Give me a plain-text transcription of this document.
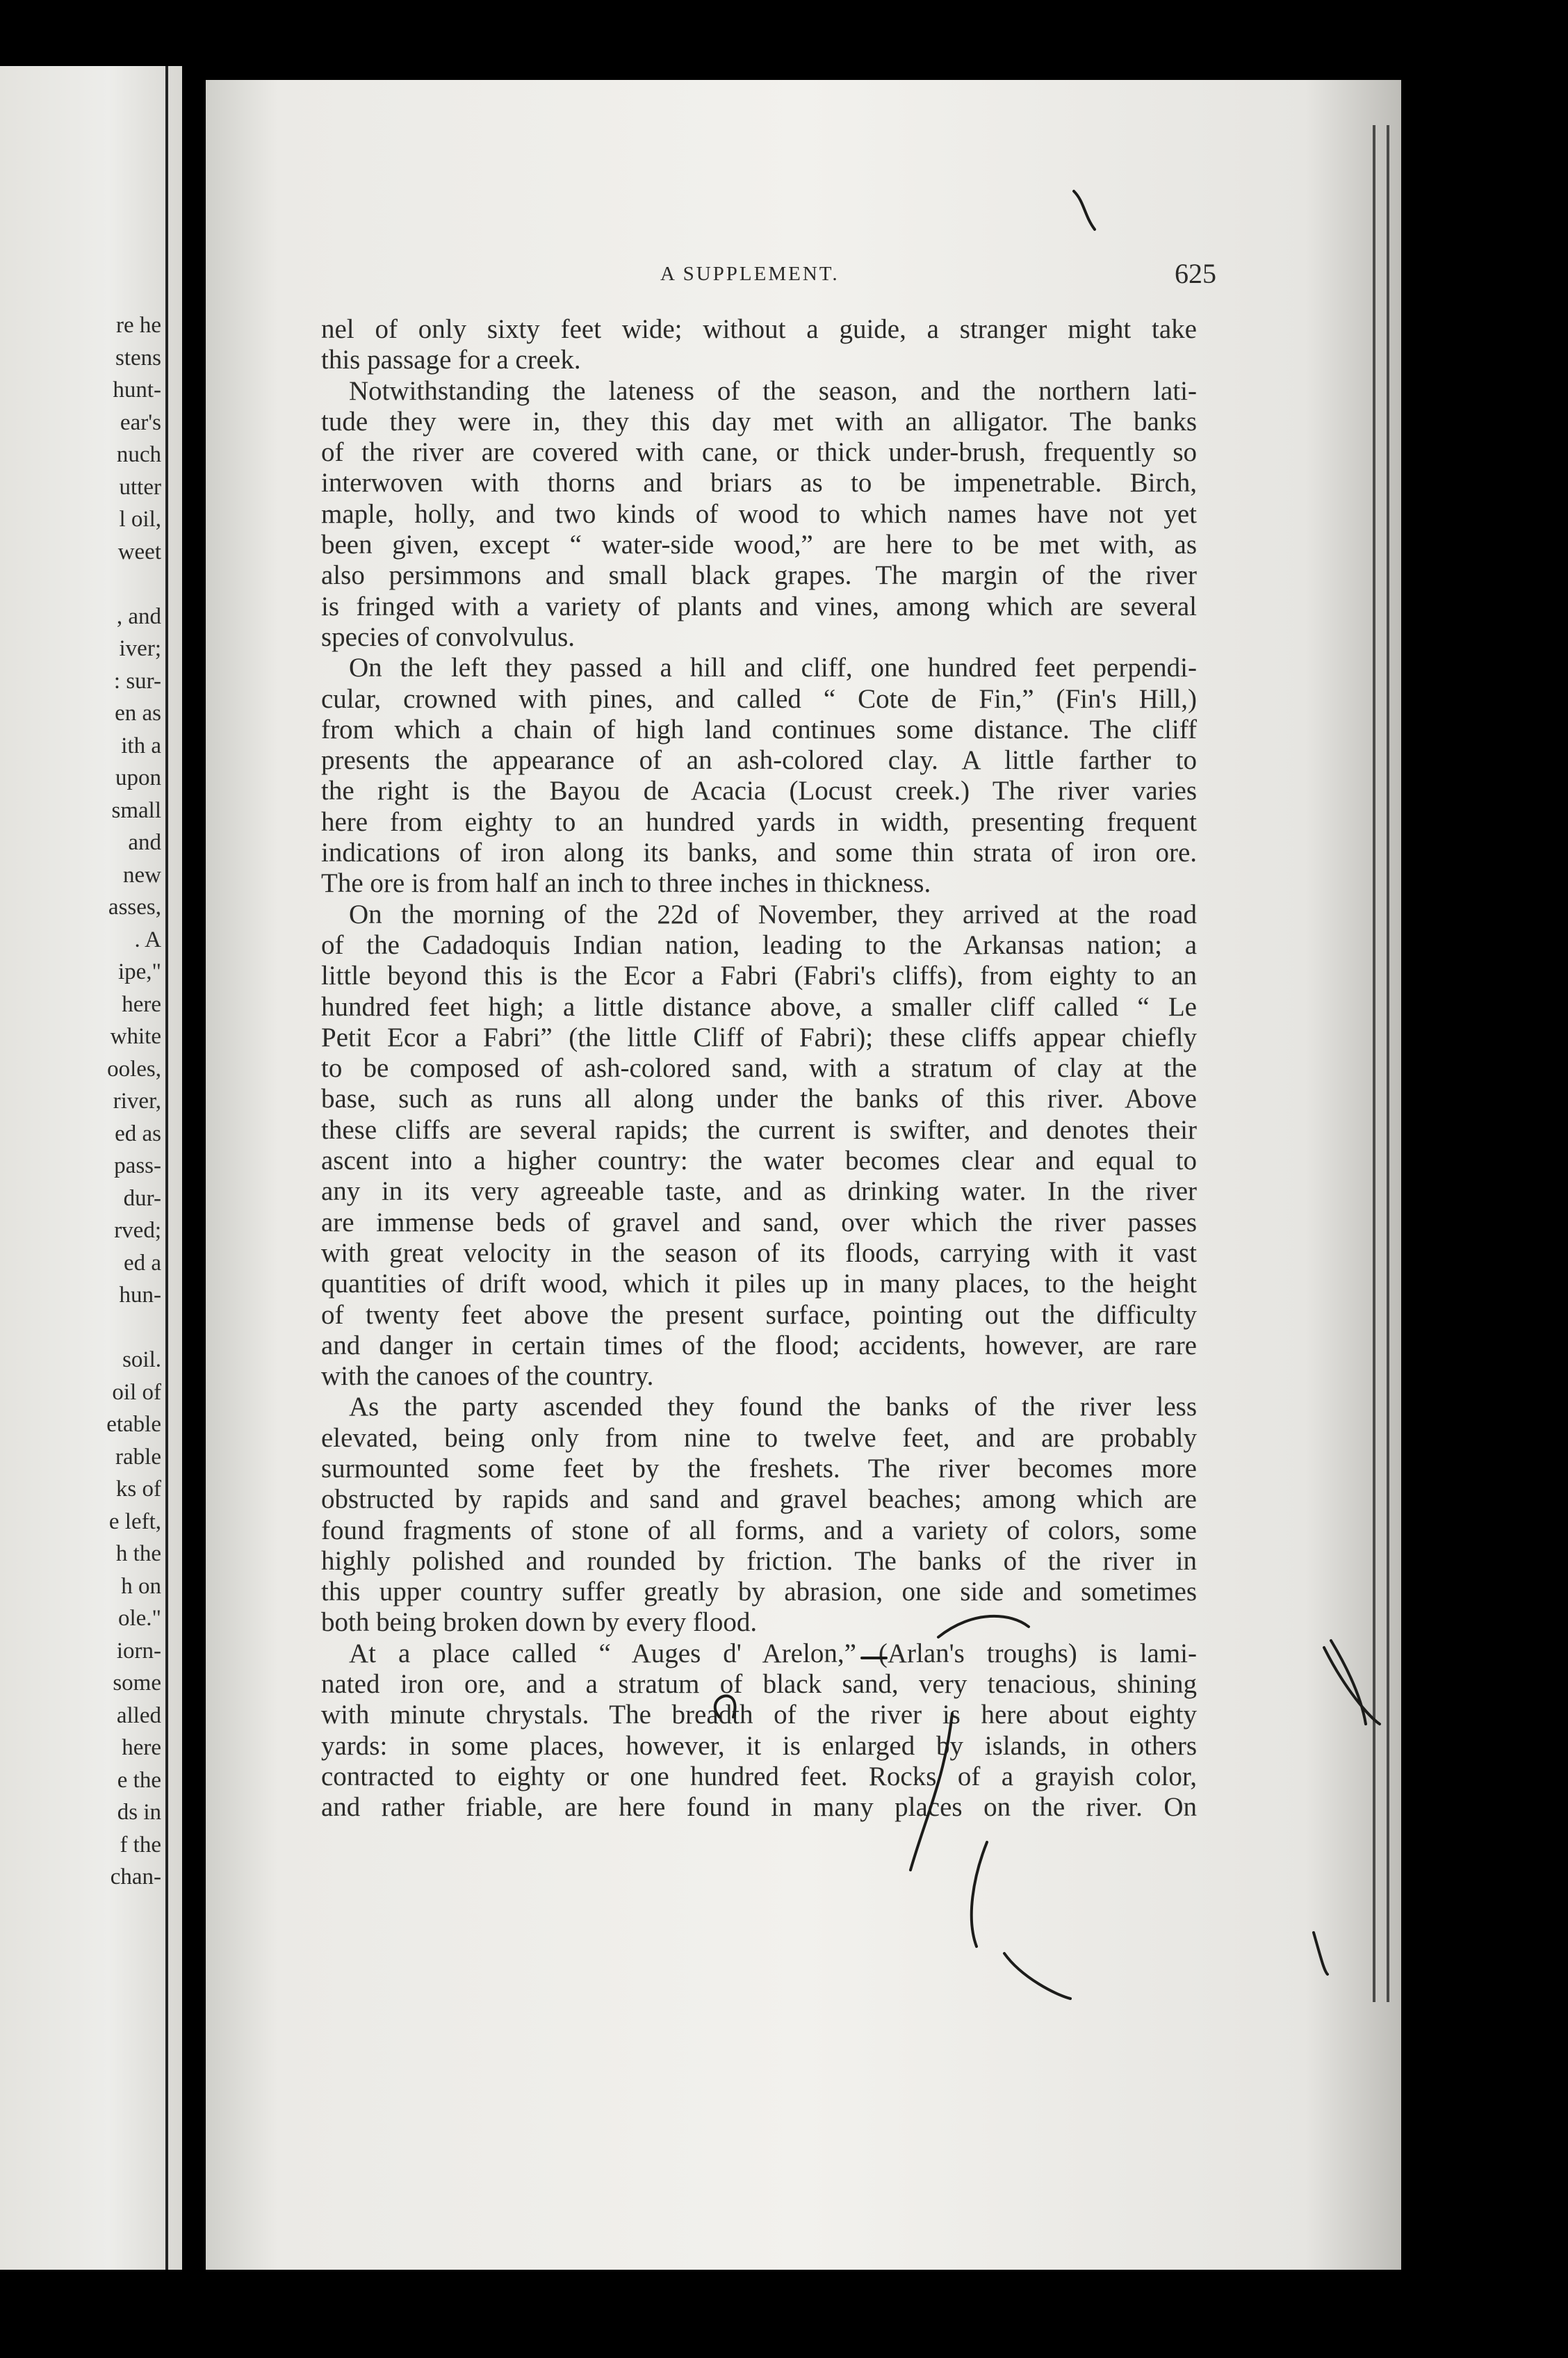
re he
stens
hunt-
ear's
nuch
utter
l oil,
weet
, and
iver;
: sur-
en as
ith a
upon
small
and
new
asses,
. A
ipe,"
here
white
ooles,
river,
ed as
pass-
dur-
rved;
ed a
hun-
soil.
oil of
etable
rable
ks of
e left,
h the
h on
ole."
iorn-
some
alled
here
e the
ds in
f the
chan-
A SUPPLEMENT.	625
nel of only sixty feet wide; without a guide, a stranger might take
this passage for a creek.
Notwithstanding the lateness of the season, and the northern lati-
tude they were in, they this day met with an alligator. The banks
of the river are covered with cane, or thick under-brush, frequently so
interwoven with thorns and briars as to be impenetrable. Birch,
maple, holly, and two kinds of wood to which names have not yet
been given, except “ water-side wood,” are here to be met with, as
also persimmons and small black grapes. The margin of the river
is fringed with a variety of plants and vines, among which are several
species of convolvulus.
On the left they passed a hill and cliff, one hundred feet perpendi-
cular, crowned with pines, and called “ Cote de Fin,” (Fin's Hill,)
from which a chain of high land continues some distance. The cliff
presents the appearance of an ash-colored clay. A little farther to
the right is the Bayou de Acacia (Locust creek.) The river varies
here from eighty to an hundred yards in width, presenting frequent
indications of iron along its banks, and some thin strata of iron ore.
The ore is from half an inch to three inches in thickness.
On the morning of the 22d of November, they arrived at the road
of the Cadadoquis Indian nation, leading to the Arkansas nation; a
little beyond this is the Ecor a Fabri (Fabri's cliffs), from eighty to an
hundred feet high; a little distance above, a smaller cliff called “ Le
Petit Ecor a Fabri” (the little Cliff of Fabri); these cliffs appear chiefly
to be composed of ash-colored sand, with a stratum of clay at the
base, such as runs all along under the banks of this river. Above
these cliffs are several rapids; the current is swifter, and denotes their
ascent into a higher country: the water becomes clear and equal to
any in its very agreeable taste, and as drinking water. In the river
are immense beds of gravel and sand, over which the river passes
with great velocity in the season of its floods, carrying with it vast
quantities of drift wood, which it piles up in many places, to the height
of twenty feet above the present surface, pointing out the difficulty
and danger in certain times of the flood; accidents, however, are rare
with the canoes of the country.
As the party ascended they found the banks of the river less
elevated, being only from nine to twelve feet, and are probably
surmounted some feet by the freshets. The river becomes more
obstructed by rapids and sand and gravel beaches; among which are
found fragments of stone of all forms, and a variety of colors, some
highly polished and rounded by friction. The banks of the river in
this upper country suffer greatly by abrasion, one side and sometimes
both being broken down by every flood.
At a place called “ Auges d' Arelon,” (Arlan's troughs) is lami-
nated iron ore, and a stratum of black sand, very tenacious, shining
with minute chrystals. The breadth of the river is here about eighty
yards: in some places, however, it is enlarged by islands, in others
contracted to eighty or one hundred feet. Rocks of a grayish color,
and rather friable, are here found in many places on the river. On
